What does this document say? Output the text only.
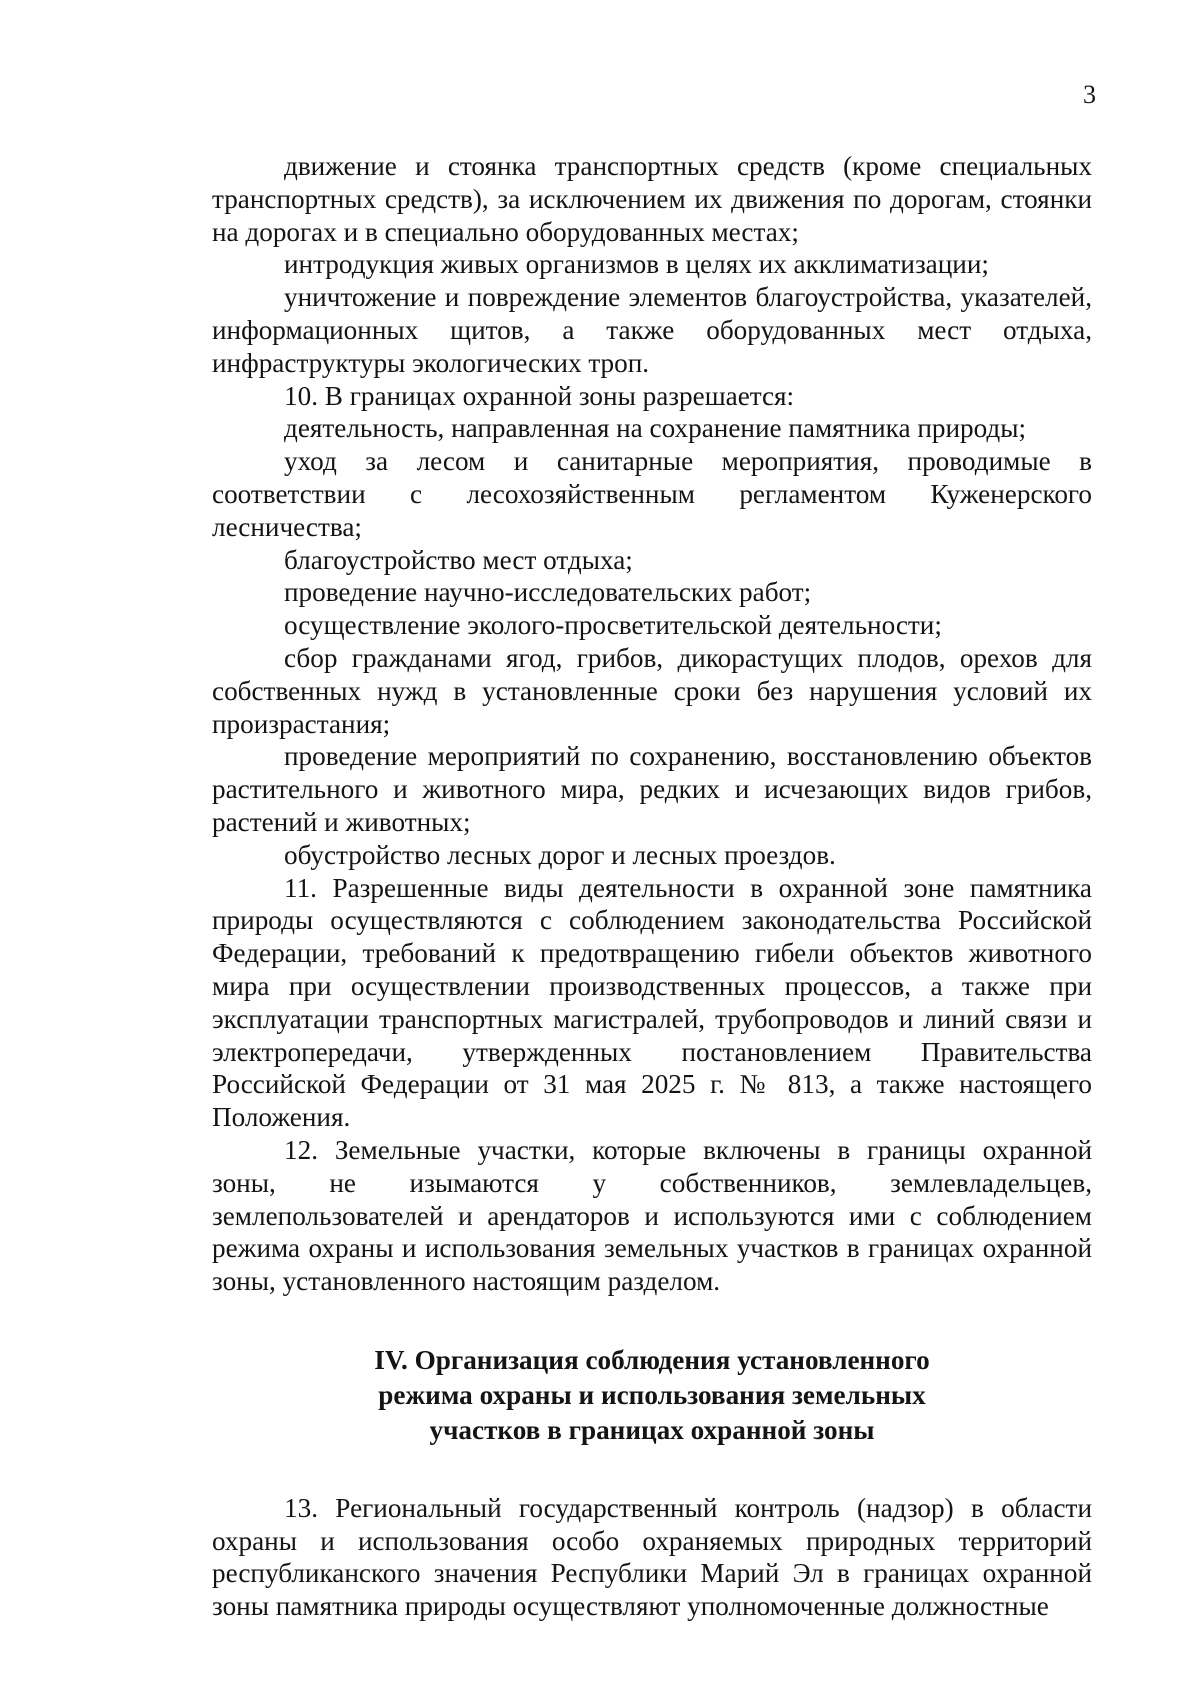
3

движение и стоянка транспортных средств (кроме специальных транспортных средств), за исключением их движения по дорогам, стоянки на дорогах и в специально оборудованных местах;

интродукция живых организмов в целях их акклиматизации;

уничтожение и повреждение элементов благоустройства, указателей, информационных щитов, а также оборудованных мест отдыха, инфраструктуры экологических троп.

10. В границах охранной зоны разрешается:

деятельность, направленная на сохранение памятника природы;

уход за лесом и санитарные мероприятия, проводимые в соответствии с лесохозяйственным регламентом Куженерского лесничества;

благоустройство мест отдыха;

проведение научно-исследовательских работ;

осуществление эколого-просветительской деятельности;

сбор гражданами ягод, грибов, дикорастущих плодов, орехов для собственных нужд в установленные сроки без нарушения условий их произрастания;

проведение мероприятий по сохранению, восстановлению объектов растительного и животного мира, редких и исчезающих видов грибов, растений и животных;

обустройство лесных дорог и лесных проездов.

11. Разрешенные виды деятельности в охранной зоне памятника природы осуществляются с соблюдением законодательства Российской Федерации, требований к предотвращению гибели объектов животного мира при осуществлении производственных процессов, а также при эксплуатации транспортных магистралей, трубопроводов и линий связи и электропередачи, утвержденных постановлением Правительства Российской Федерации от 31 мая 2025 г. № 813, а также настоящего Положения.

12. Земельные участки, которые включены в границы охранной зоны, не изымаются у собственников, землевладельцев, землепользователей и арендаторов и используются ими с соблюдением режима охраны и использования земельных участков в границах охранной зоны, установленного настоящим разделом.

IV. Организация соблюдения установленного
режима охраны и использования земельных
участков в границах охранной зоны

13. Региональный государственный контроль (надзор) в области охраны и использования особо охраняемых природных территорий республиканского значения Республики Марий Эл в границах охранной зоны памятника природы осуществляют уполномоченные должностные
